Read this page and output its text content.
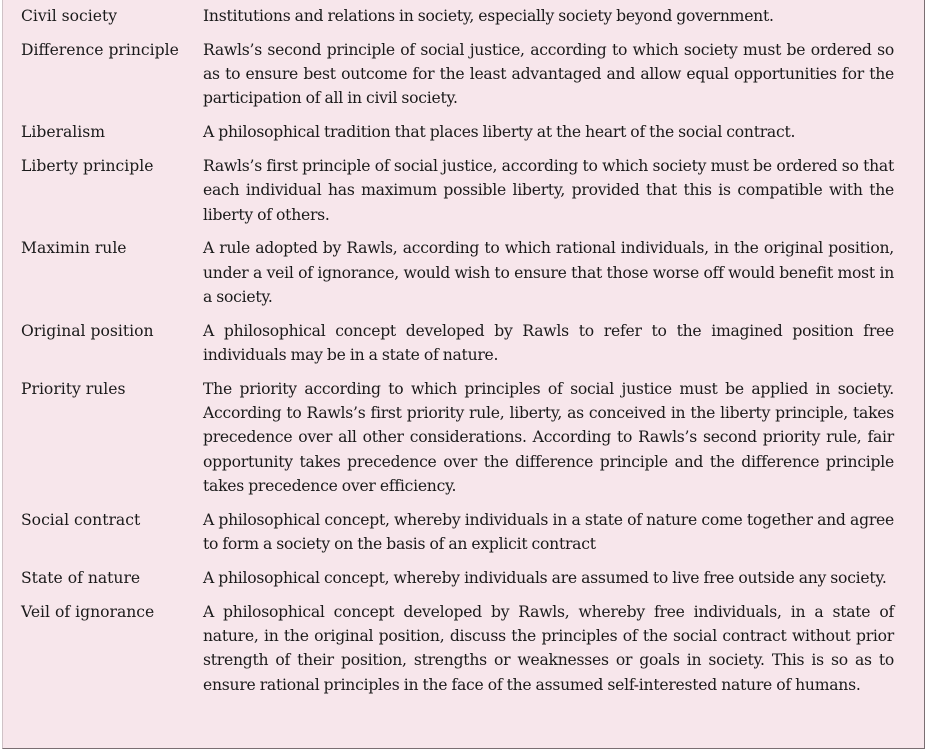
Civil society	Institutions and relations in society, especially society beyond government.
Difference principle	Rawls’s second principle of social justice, according to which society must be ordered so as to ensure best outcome for the least advantaged and allow equal opportunities for the participation of all in civil society.
Liberalism	A philosophical tradition that places liberty at the heart of the social contract.
Liberty principle	Rawls’s first principle of social justice, according to which society must be ordered so that each individual has maximum possible liberty, provided that this is compatible with the liberty of others.
Maximin rule	A rule adopted by Rawls, according to which rational individuals, in the original position, under a veil of ignorance, would wish to ensure that those worse off would benefit most in a society.
Original position	A philosophical concept developed by Rawls to refer to the imagined position free individuals may be in a state of nature.
Priority rules	The priority according to which principles of social justice must be applied in society. According to Rawls’s first priority rule, liberty, as conceived in the liberty principle, takes precedence over all other considerations. According to Rawls’s second priority rule, fair opportunity takes precedence over the difference principle and the difference principle takes precedence over efficiency.
Social contract	A philosophical concept, whereby individuals in a state of nature come together and agree to form a society on the basis of an explicit contract
State of nature	A philosophical concept, whereby individuals are assumed to live free outside any society.
Veil of ignorance	A philosophical concept developed by Rawls, whereby free individuals, in a state of nature, in the original position, discuss the principles of the social contract without prior strength of their position, strengths or weaknesses or goals in society. This is so as to ensure rational principles in the face of the assumed self-interested nature of humans.
